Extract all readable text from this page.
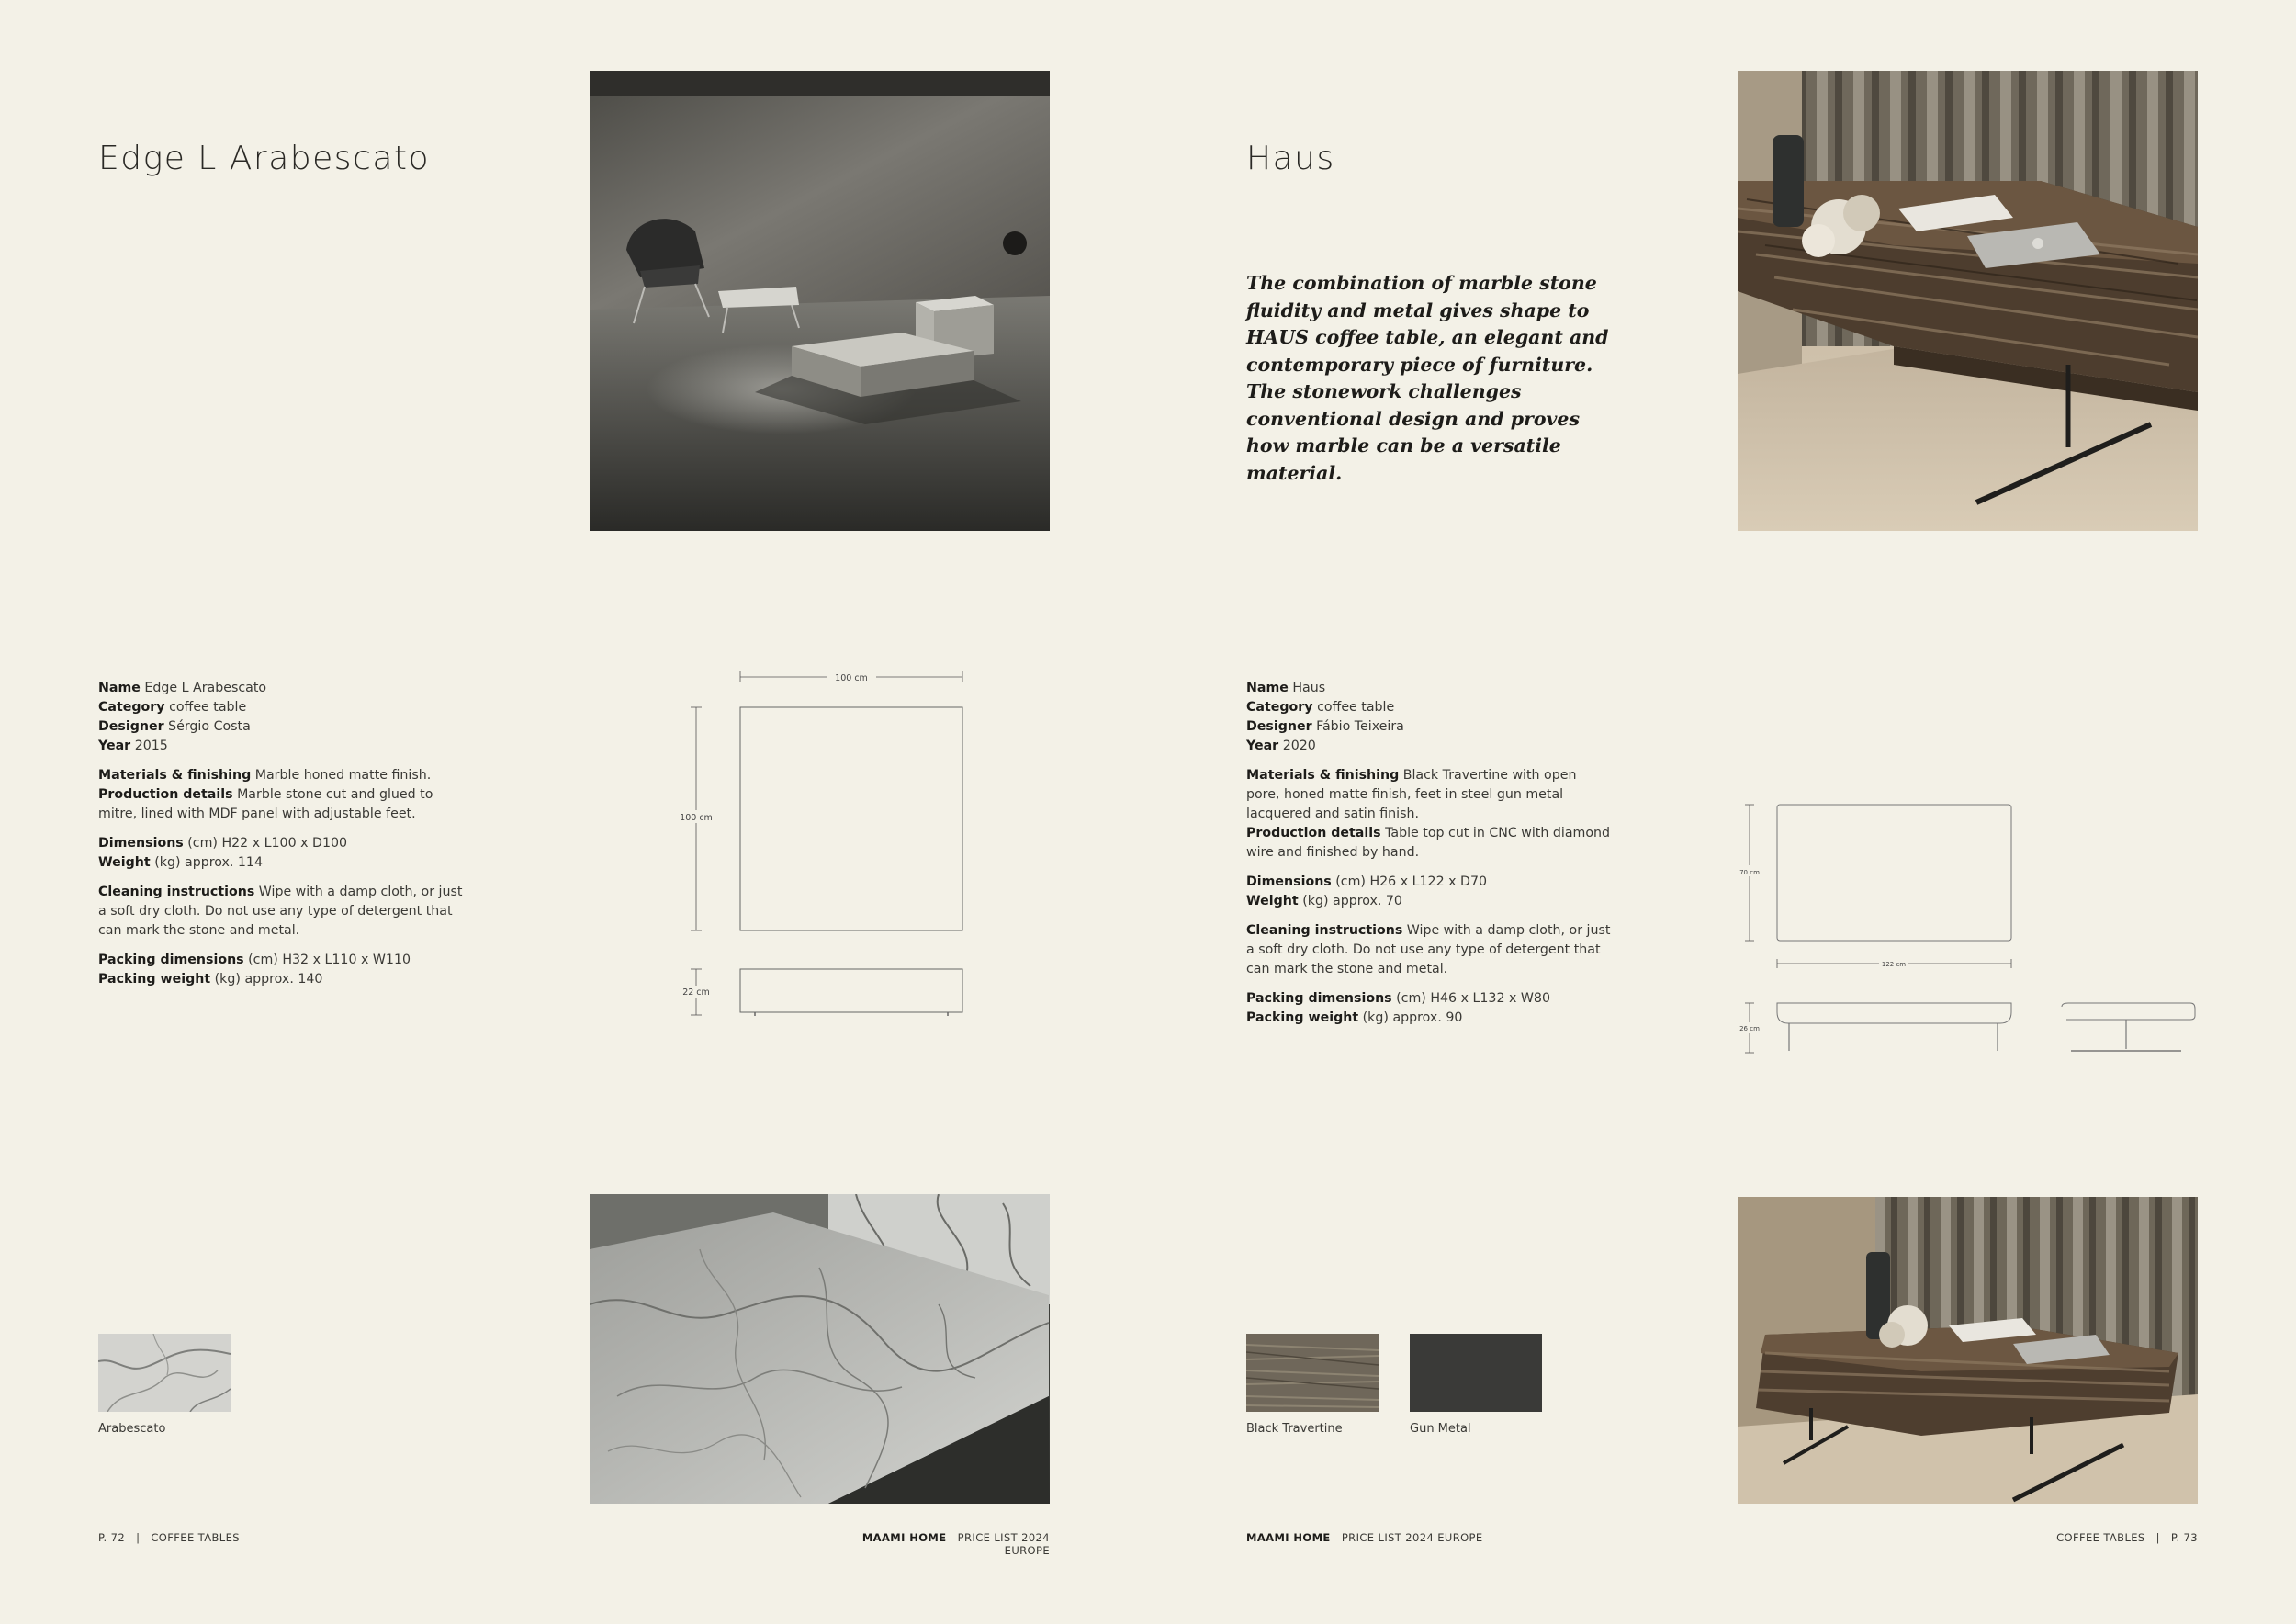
Edge L Arabescato

Name Edge L Arabescato

Category coffee table

Designer Sérgio Costa

Year 2015

Materials & finishing Marble honed matte finish.
Production details Marble stone cut and glued to mitre, lined with MDF panel with adjustable feet.

Dimensions (cm) H22 x L100 x D100

Weight (kg) approx. 114

Cleaning instructions Wipe with a damp cloth, or just a soft dry cloth. Do not use any type of detergent that can mark the stone and metal.

Packing dimensions (cm) H32 x L110 x W110

Packing weight (kg) approx. 140

100 cm
100 cm
22 cm
Arabescato
P. 72 | COFFEE TABLES	MAAMI HOME PRICE LIST 2024 EUROPE
Haus

The combination of marble stone fluidity and metal gives shape to HAUS coffee table, an elegant and contemporary piece of furniture. The stonework challenges conventional design and proves how marble can be a versatile material.

Name Haus

Category coffee table

Designer Fábio Teixeira

Year 2020

Materials & finishing Black Travertine with open pore, honed matte finish, feet in steel gun metal lacquered and satin finish.
Production details Table top cut in CNC with diamond wire and finished by hand.

Dimensions (cm) H26 x L122 x D70

Weight (kg) approx. 70

Cleaning instructions Wipe with a damp cloth, or just a soft dry cloth. Do not use any type of detergent that can mark the stone and metal.

Packing dimensions (cm) H46 x L132 x W80

Packing weight (kg) approx. 90

70 cm
122 cm
26 cm
Black Travertine	Gun Metal
MAAMI HOME PRICE LIST 2024 EUROPE	COFFEE TABLES | P. 73
